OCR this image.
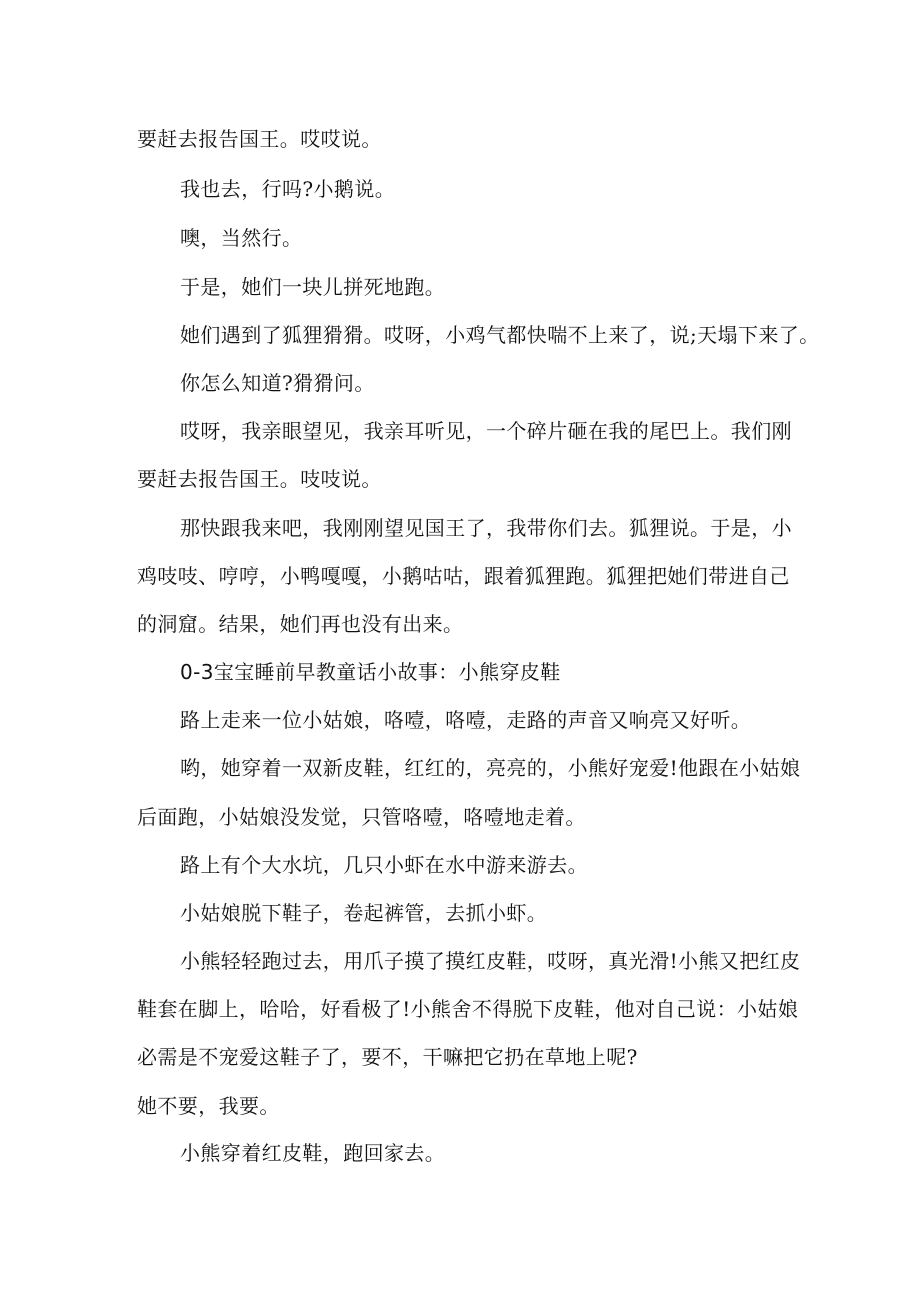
要赶去报告国王。哎哎说。
我也去，行吗?小鹅说。
噢，当然行。
于是，她们一块儿拼死地跑。
她们遇到了狐狸猾猾。哎呀，小鸡气都快喘不上来了，说;天塌下来了。
你怎么知道?猾猾问。
哎呀，我亲眼望见，我亲耳听见，一个碎片砸在我的尾巴上。我们刚
要赶去报告国王。吱吱说。
那快跟我来吧，我刚刚望见国王了，我带你们去。狐狸说。于是，小
鸡吱吱、哼哼，小鸭嘎嘎，小鹅咕咕，跟着狐狸跑。狐狸把她们带进自己
的洞窟。结果，她们再也没有出来。
0-3宝宝睡前早教童话小故事：小熊穿皮鞋
路上走来一位小姑娘，咯噎，咯噎，走路的声音又响亮又好听。
哟，她穿着一双新皮鞋，红红的，亮亮的，小熊好宠爱!他跟在小姑娘
后面跑，小姑娘没发觉，只管咯噎，咯噎地走着。
路上有个大水坑，几只小虾在水中游来游去。
小姑娘脱下鞋子，卷起裤管，去抓小虾。
小熊轻轻跑过去，用爪子摸了摸红皮鞋，哎呀，真光滑!小熊又把红皮
鞋套在脚上，哈哈，好看极了!小熊舍不得脱下皮鞋，他对自己说：小姑娘
必需是不宠爱这鞋子了，要不，干嘛把它扔在草地上呢?
她不要，我要。
小熊穿着红皮鞋，跑回家去。
